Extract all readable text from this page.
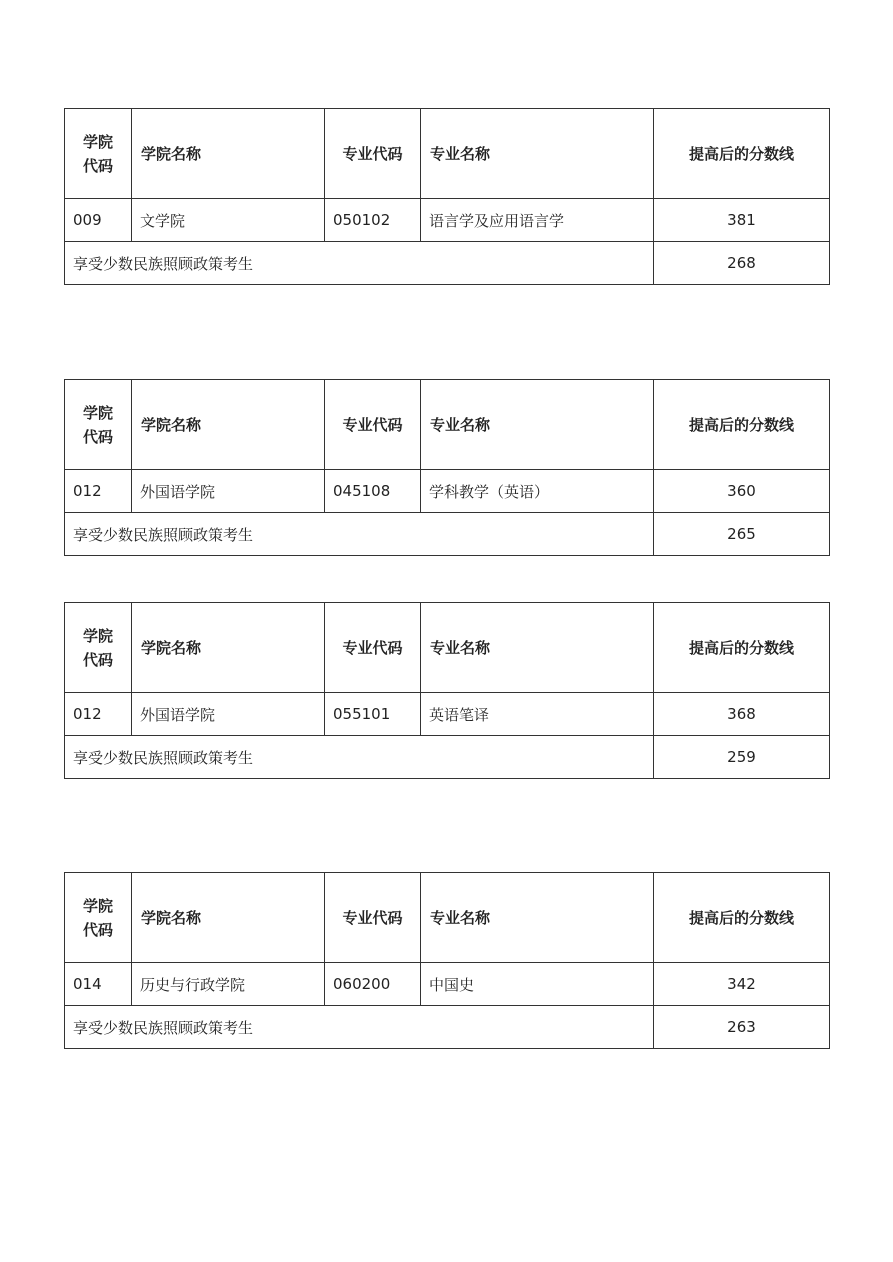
学院
代码	学院名称	专业代码	专业名称	提高后的分数线
009	文学院	050102	语言学及应用语言学	381
享受少数民族照顾政策考生				268
学院
代码	学院名称	专业代码	专业名称	提高后的分数线
012	外国语学院	045108	学科教学（英语）	360
享受少数民族照顾政策考生				265
学院
代码	学院名称	专业代码	专业名称	提高后的分数线
012	外国语学院	055101	英语笔译	368
享受少数民族照顾政策考生				259
学院
代码	学院名称	专业代码	专业名称	提高后的分数线
014	历史与行政学院	060200	中国史	342
享受少数民族照顾政策考生				263
